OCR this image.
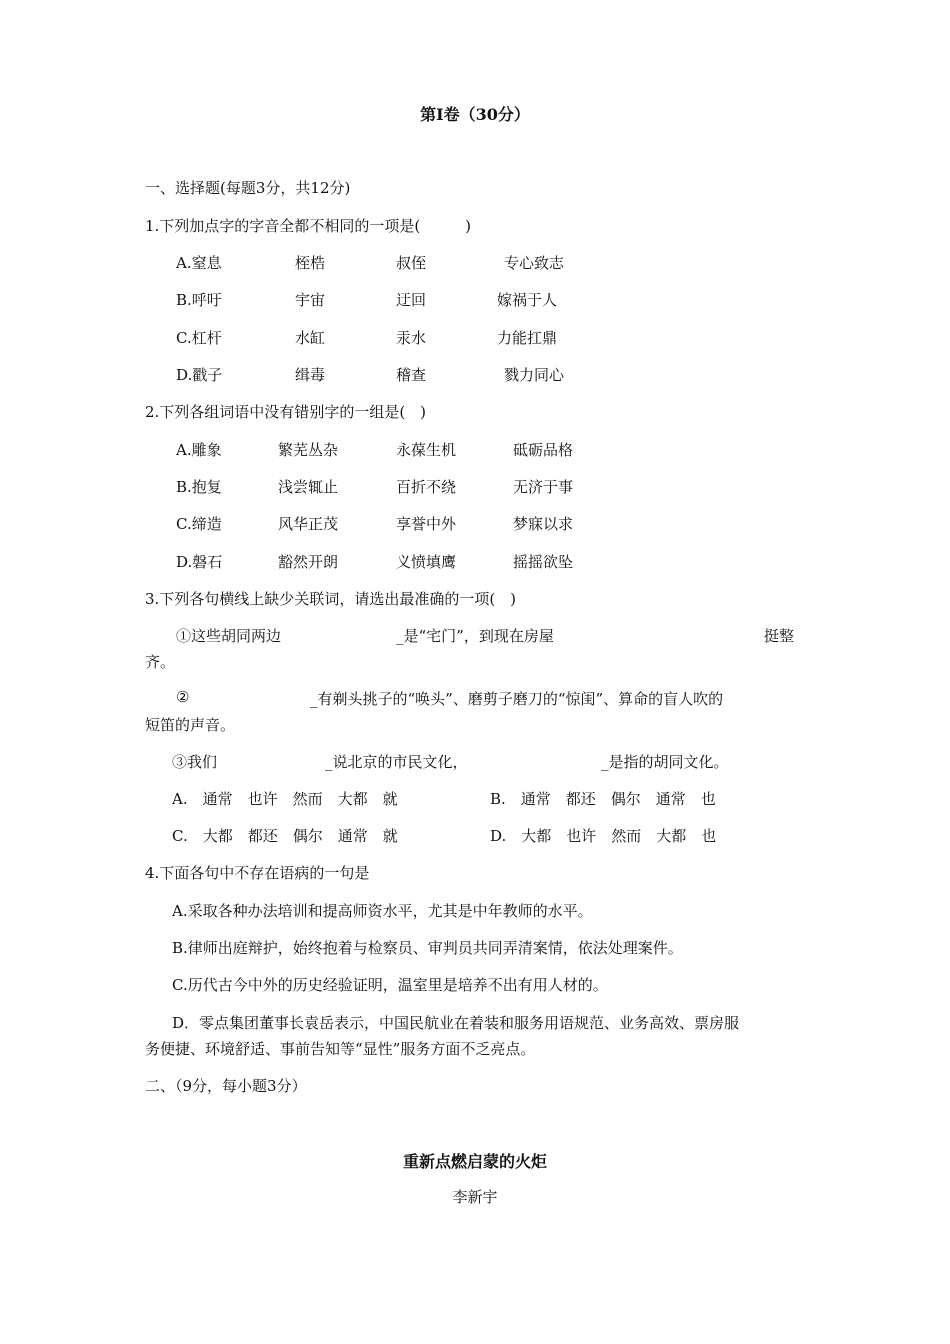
第Ⅰ卷（30分）
一、选择题(每题3分，共12分)
1.下列加点字的字音全都不相同的一项是(　　　)
A.窒息	桎梏	叔侄	专心致志
B.呼吁	宇宙	迂回	嫁祸于人
C.杠杆	水缸	汞水	力能扛鼎
D.戳子	缉毒	稽查	戮力同心
2.下列各组词语中没有错别字的一组是(　)
A.雕象	繁芜丛杂	永葆生机	砥砺品格
B.抱复	浅尝辄止	百折不绕	无济于事
C.缔造	风华正茂	享誉中外	梦寐以求
D.磐石	豁然开朗	义愤填鹰	摇摇欲坠
3.下列各句横线上缺少关联词，请选出最准确的一项(　)
①这些胡同两边	_是“宅门”，到现在房屋	挺整
齐。
②	_有剃头挑子的“唤头”、磨剪子磨刀的“惊闺”、算命的盲人吹的
短笛的声音。
③我们	_说北京的市民文化，	_是指的胡同文化。
A.　通常　也许　然而　大都　就	B.　通常　都还　偶尔　通常　也
C.　大都　都还　偶尔　通常　就	D.　大都　也许　然而　大都　也
4.下面各句中不存在语病的一句是
A.采取各种办法培训和提高师资水平，尤其是中年教师的水平。
B.律师出庭辩护，始终抱着与检察员、审判员共同弄清案情，依法处理案件。
C.历代古今中外的历史经验证明，温室里是培养不出有用人材的。
D．零点集团董事长袁岳表示，中国民航业在着装和服务用语规范、业务高效、票房服
务便捷、环境舒适、事前告知等“显性”服务方面不乏亮点。
二、（9分，每小题3分）
重新点燃启蒙的火炬
李新宇
